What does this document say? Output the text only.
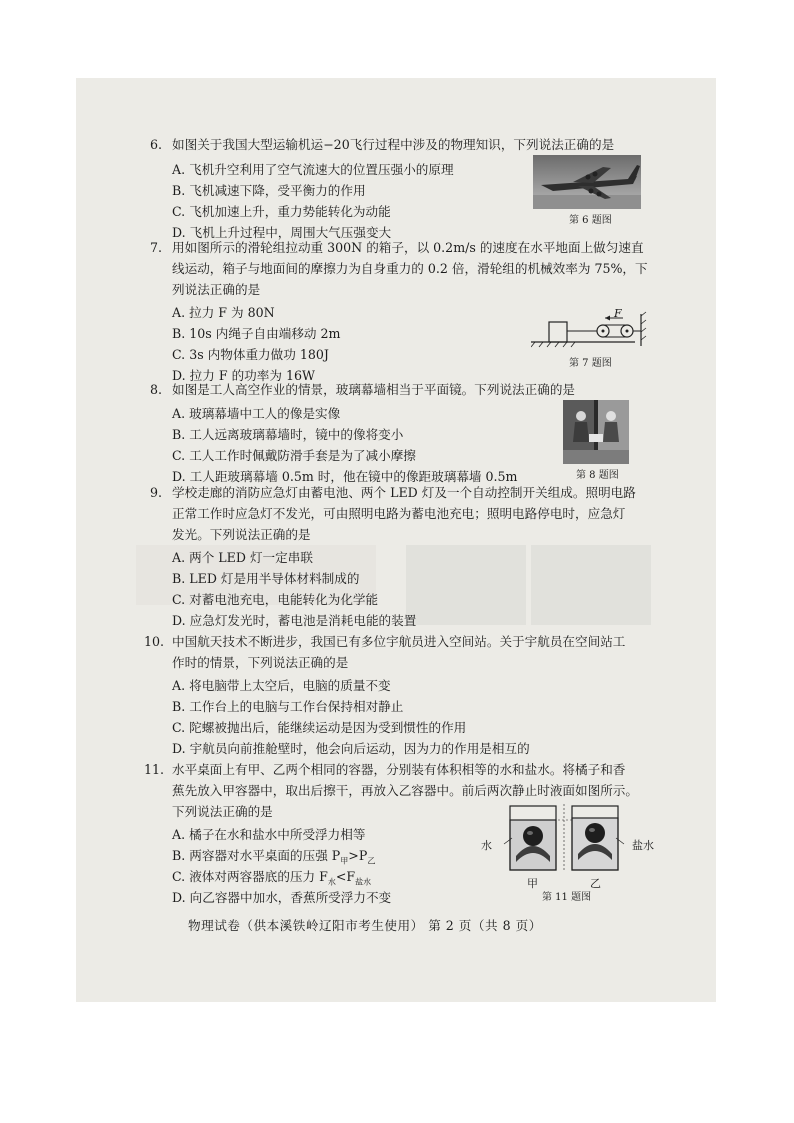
6. 如图关于我国大型运输机运−20飞行过程中涉及的物理知识，下列说法正确的是
A. 飞机升空利用了空气流速大的位置压强小的原理
B. 飞机减速下降，受平衡力的作用
C. 飞机加速上升，重力势能转化为动能
D. 飞机上升过程中，周围大气压强变大
第 6 题图
7. 用如图所示的滑轮组拉动重 300N 的箱子，以 0.2m/s 的速度在水平地面上做匀速直
线运动，箱子与地面间的摩擦力为自身重力的 0.2 倍，滑轮组的机械效率为 75%，下
列说法正确的是
A. 拉力 F 为 80N
B. 10s 内绳子自由端移动 2m
C. 3s 内物体重力做功 180J
D. 拉力 F 的功率为 16W
F
第 7 题图
8. 如图是工人高空作业的情景，玻璃幕墙相当于平面镜。下列说法正确的是
A. 玻璃幕墙中工人的像是实像
B. 工人远离玻璃幕墙时，镜中的像将变小
C. 工人工作时佩戴防滑手套是为了减小摩擦
D. 工人距玻璃幕墙 0.5m 时，他在镜中的像距玻璃幕墙 0.5m	第 8 题图
9. 学校走廊的消防应急灯由蓄电池、两个 LED 灯及一个自动控制开关组成。照明电路
正常工作时应急灯不发光，可由照明电路为蓄电池充电；照明电路停电时，应急灯
发光。下列说法正确的是
A. 两个 LED 灯一定串联
B. LED 灯是用半导体材料制成的
C. 对蓄电池充电，电能转化为化学能
D. 应急灯发光时，蓄电池是消耗电能的装置
10. 中国航天技术不断进步，我国已有多位宇航员进入空间站。关于宇航员在空间站工
作时的情景，下列说法正确的是
A. 将电脑带上太空后，电脑的质量不变
B. 工作台上的电脑与工作台保持相对静止
C. 陀螺被抛出后，能继续运动是因为受到惯性的作用
D. 宇航员向前推舱壁时，他会向后运动，因为力的作用是相互的
11. 水平桌面上有甲、乙两个相同的容器，分别装有体积相等的水和盐水。将橘子和香
蕉先放入甲容器中，取出后擦干，再放入乙容器中。前后两次静止时液面如图所示。
下列说法正确的是
A. 橘子在水和盐水中所受浮力相等
B. 两容器对水平桌面的压强 $P_甲>P_乙$
C. 液体对两容器底的压力 $F_水<F_{盐水}$
D. 向乙容器中加水，香蕉所受浮力不变
水	盐水
甲	乙
第 11 题图
物理试卷（供本溪铁岭辽阳市考生使用） 第 2 页（共 8 页）
